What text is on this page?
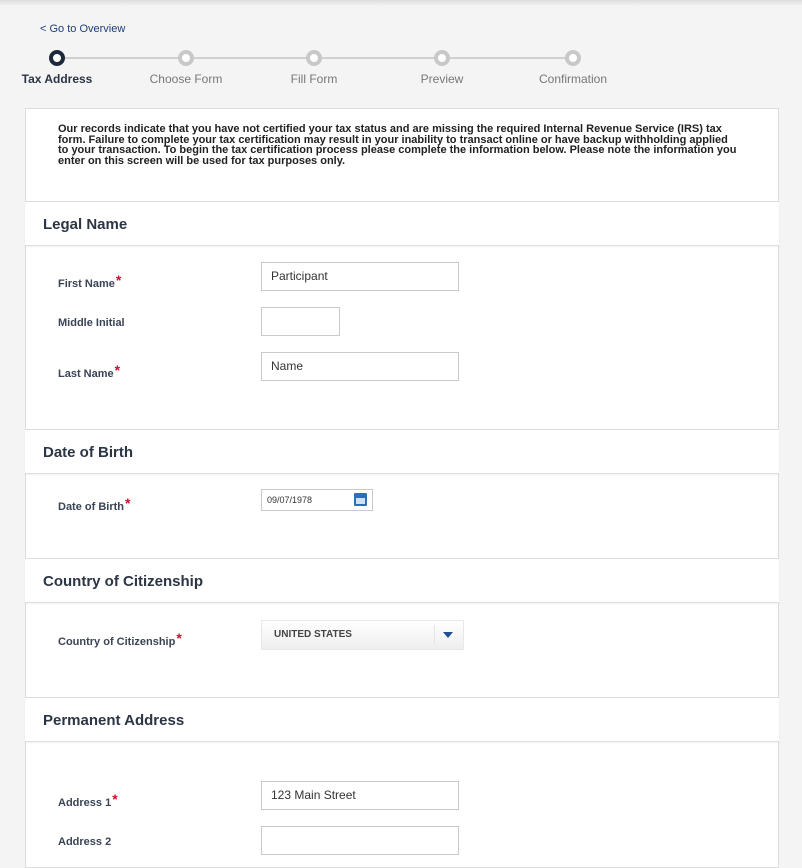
< Go to Overview
Tax Address	Choose Form	Fill Form	Preview	Confirmation
Our records indicate that you have not certified your tax status and are missing the required Internal Revenue Service (IRS) tax form. Failure to complete your tax certification may result in your inability to transact online or have backup withholding applied to your transaction. To begin the tax certification process please complete the information below. Please note the information you enter on this screen will be used for tax purposes only.
Legal Name
First Name*	Participant
Middle Initial
Last Name*	Name
Date of Birth
Date of Birth*	09/07/1978
Country of Citizenship
Country of Citizenship*	UNITED STATES
Permanent Address
Address 1*	123 Main Street
Address 2
